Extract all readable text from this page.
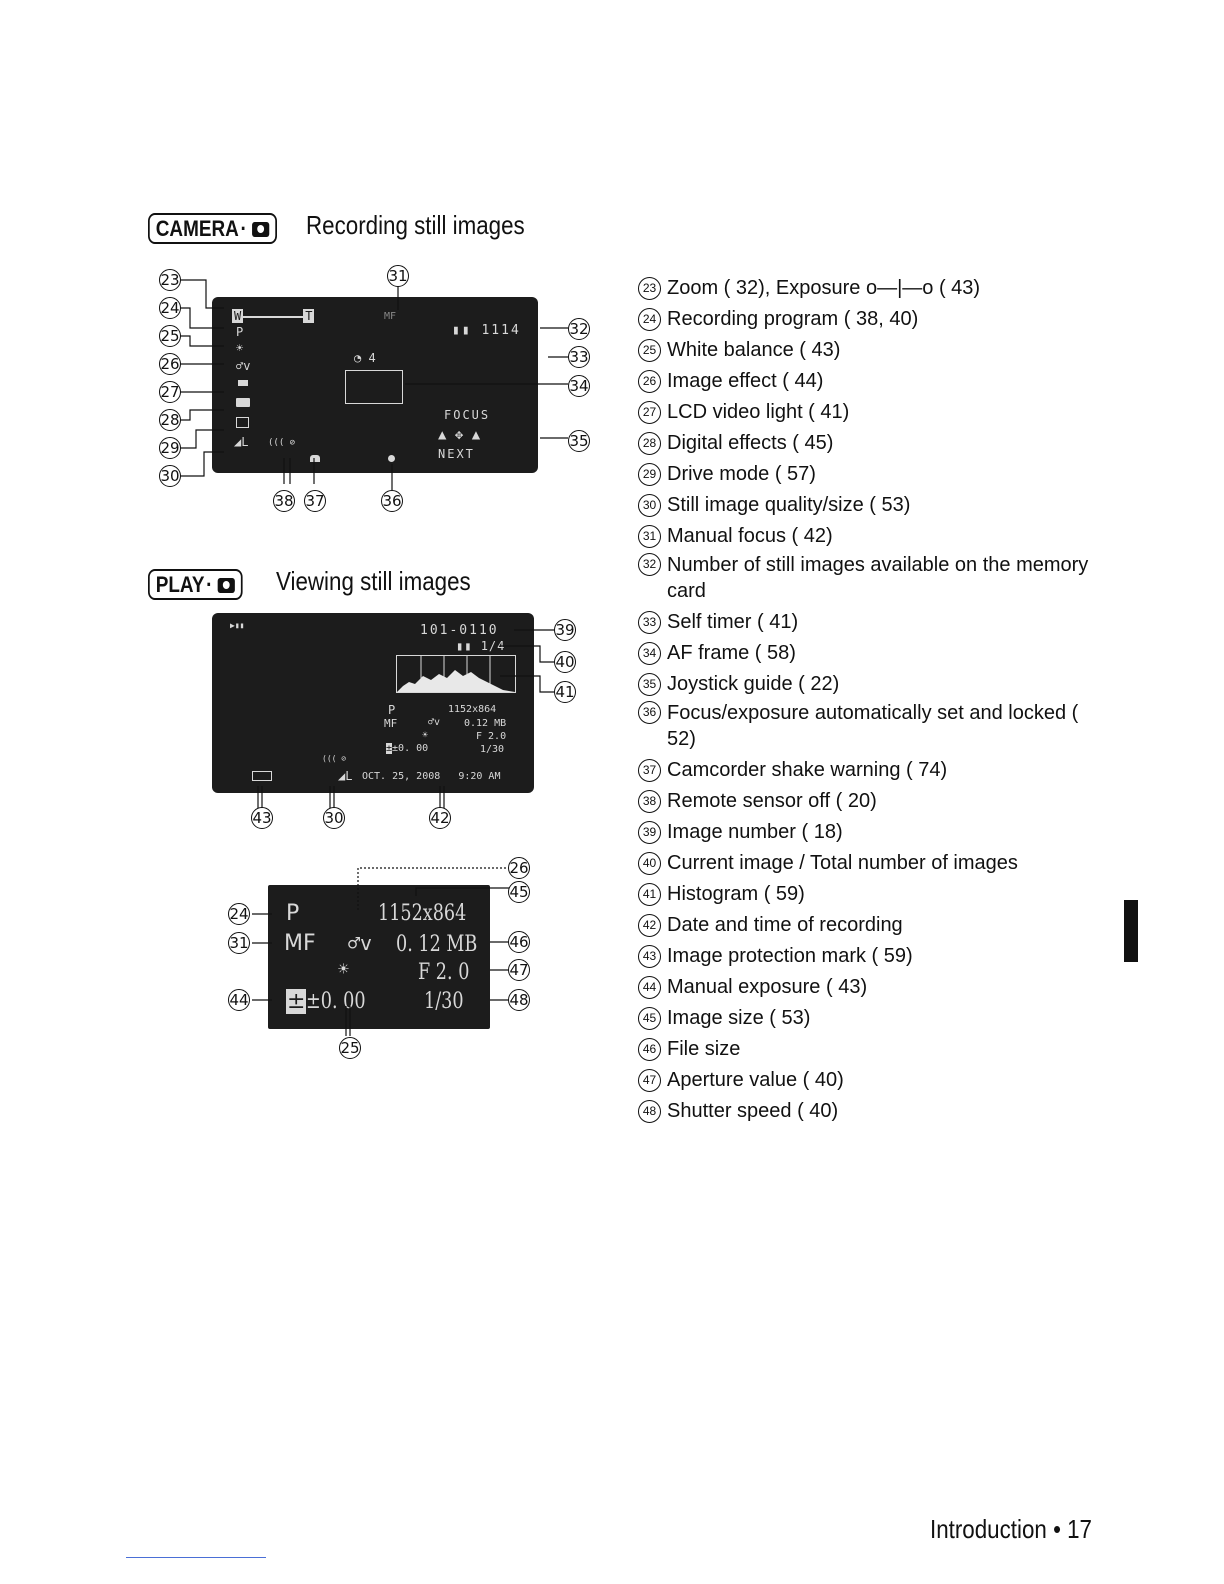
CAMERA·	Recording still images
W	T	MF
P	▮▮ 1114
☀
◔ 4
♂v
FOCUS
▲ ✥ ▲
◢L ((( ⊘
NEXT
23
24
25
26
27
28
29
30
31
32
33
34
35
38 37	36
PLAY·	Viewing still images
▶▮▮	101-0110
▮▮ 1/4
P	1152x864
MF	♂v 0.12 MB
☀	F 2.0
±±0. 00	1/30
((( ⊘
◢L OCT. 25, 2008   9:20 AM
39
40
41
43	30	42
P	1152x864
MF ♂v 0. 12 MB
☀	F 2. 0
±±0. 00	1/30
24
31
44
26
45
46
47
48
25
23 Zoom ( 32), Exposure o—|—o ( 43)
24 Recording program ( 38, 40)
25 White balance ( 43)
26 Image effect ( 44)
27 LCD video light ( 41)
28 Digital effects ( 45)
29 Drive mode ( 57)
30 Still image quality/size ( 53)
31 Manual focus ( 42)
32 Number of still images available on the memory card
33 Self timer ( 41)
34 AF frame ( 58)
35 Joystick guide ( 22)
36 Focus/exposure automatically set and locked ( 52)
37 Camcorder shake warning ( 74)
38 Remote sensor off ( 20)
39 Image number ( 18)
40 Current image / Total number of images
41 Histogram ( 59)
42 Date and time of recording
43 Image protection mark ( 59)
44 Manual exposure ( 43)
45 Image size ( 53)
46 File size
47 Aperture value ( 40)
48 Shutter speed ( 40)
Introduction • 17
